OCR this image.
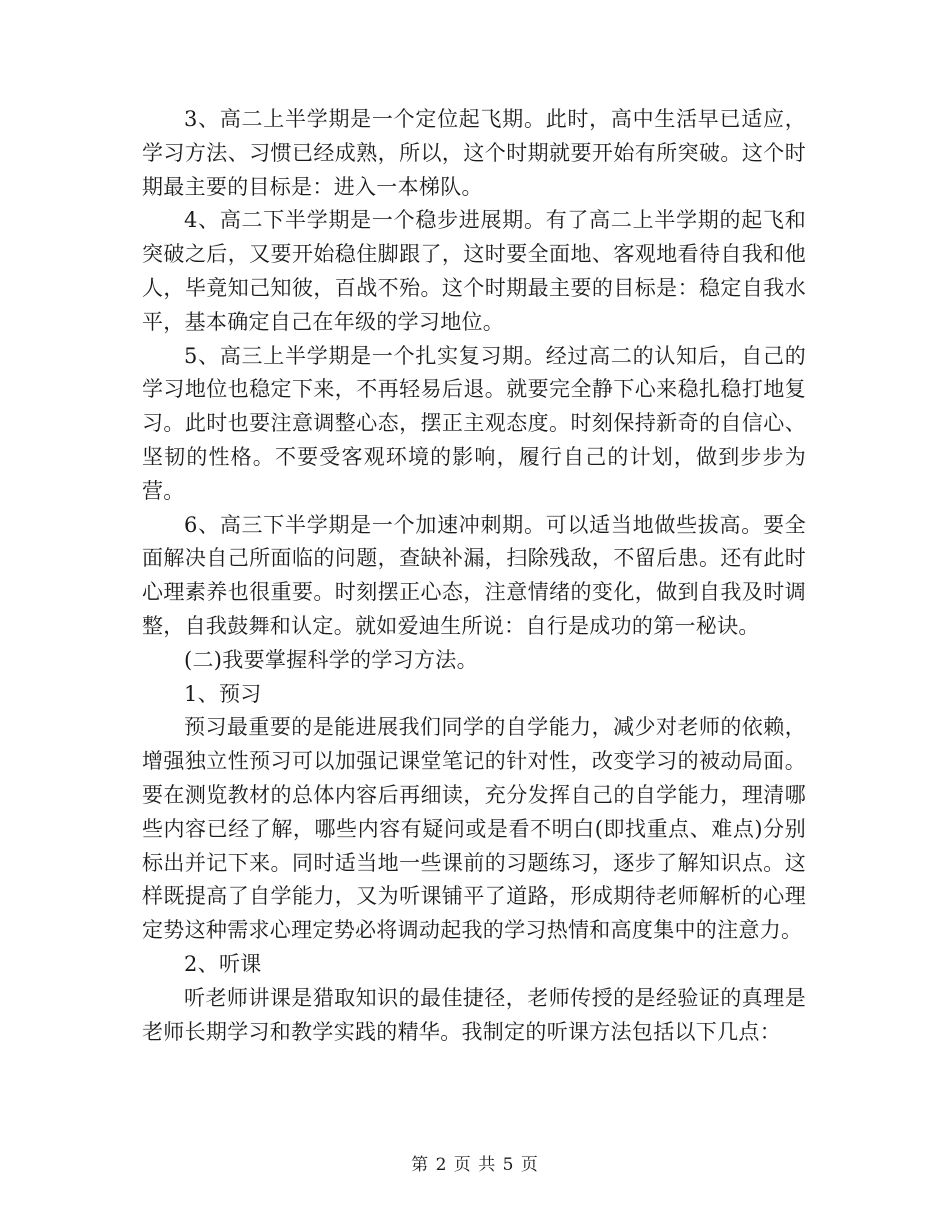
3、高二上半学期是一个定位起飞期。此时，高中生活早已适应，学习方法、习惯已经成熟，所以，这个时期就要开始有所突破。这个时期最主要的目标是：进入一本梯队。

4、高二下半学期是一个稳步进展期。有了高二上半学期的起飞和突破之后，又要开始稳住脚跟了，这时要全面地、客观地看待自我和他人，毕竟知己知彼，百战不殆。这个时期最主要的目标是：稳定自我水平，基本确定自己在年级的学习地位。

5、高三上半学期是一个扎实复习期。经过高二的认知后，自己的学习地位也稳定下来，不再轻易后退。就要完全静下心来稳扎稳打地复习。此时也要注意调整心态，摆正主观态度。时刻保持新奇的自信心、坚韧的性格。不要受客观环境的影响，履行自己的计划，做到步步为营。

6、高三下半学期是一个加速冲刺期。可以适当地做些拔高。要全面解决自己所面临的问题，查缺补漏，扫除残敌，不留后患。还有此时心理素养也很重要。时刻摆正心态，注意情绪的变化，做到自我及时调整，自我鼓舞和认定。就如爱迪生所说：自行是成功的第一秘诀。

(二)我要掌握科学的学习方法。

1、预习

预习最重要的是能进展我们同学的自学能力，减少对老师的依赖，增强独立性预习可以加强记课堂笔记的针对性，改变学习的被动局面。要在测览教材的总体内容后再细读，充分发挥自己的自学能力，理清哪些内容已经了解，哪些内容有疑问或是看不明白(即找重点、难点)分别标出并记下来。同时适当地一些课前的习题练习，逐步了解知识点。这样既提高了自学能力，又为听课铺平了道路，形成期待老师解析的心理定势这种需求心理定势必将调动起我的学习热情和高度集中的注意力。

2、听课

听老师讲课是猎取知识的最佳捷径，老师传授的是经验证的真理是老师长期学习和教学实践的精华。我制定的听课方法包括以下几点：

第 2 页 共 5 页
